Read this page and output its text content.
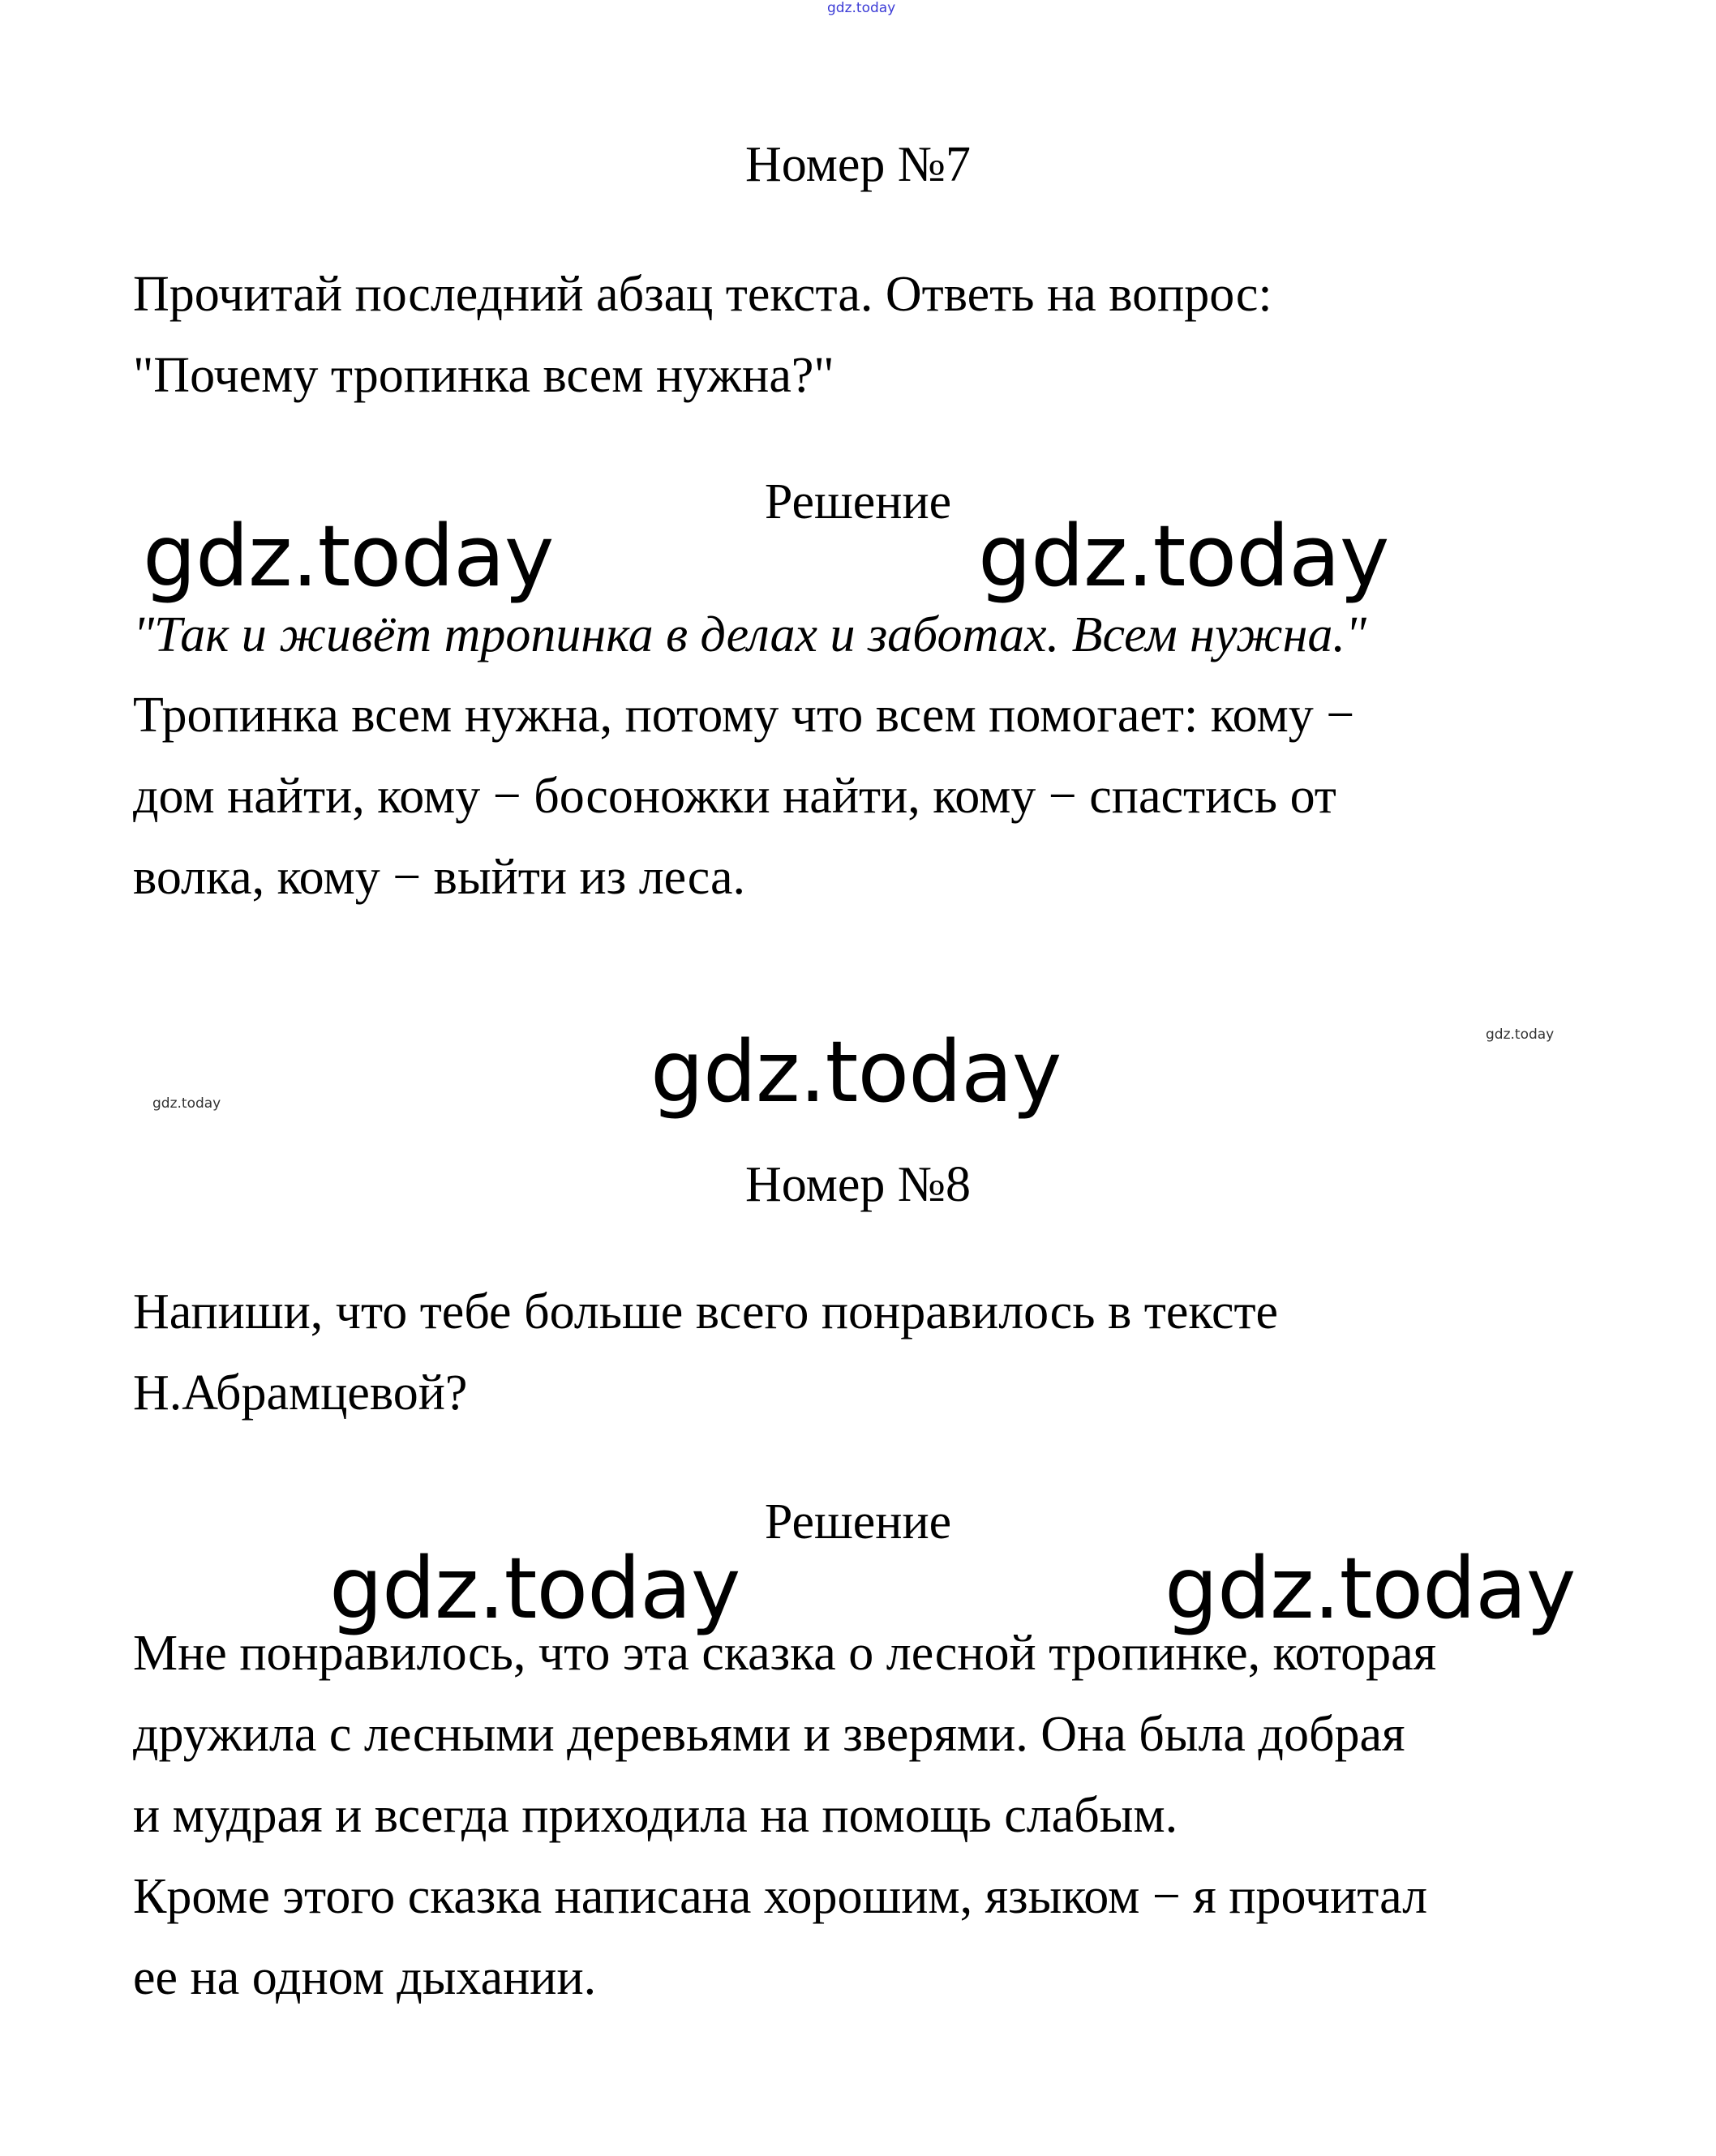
gdz.today
Номер №7
Прочитай последний абзац текста. Ответь на вопрос:
"Почему тропинка всем нужна?"
Решение
gdz.today	gdz.today
"Так и живёт тропинка в делах и заботах. Всем нужна."
Тропинка всем нужна, потому что всем помогает: кому −
дом найти, кому − босоножки найти, кому − спастись от
волка, кому − выйти из леса.
gdz.today
gdz.today
gdz.today
Номер №8
Напиши, что тебе больше всего понравилось в тексте
Н.Абрамцевой?
Решение
gdz.today	gdz.today
Мне понравилось, что эта сказка о лесной тропинке, которая
дружила с лесными деревьями и зверями. Она была добрая
и мудрая и всегда приходила на помощь слабым.
Кроме этого сказка написана хорошим, языком − я прочитал
ее на одном дыхании.
